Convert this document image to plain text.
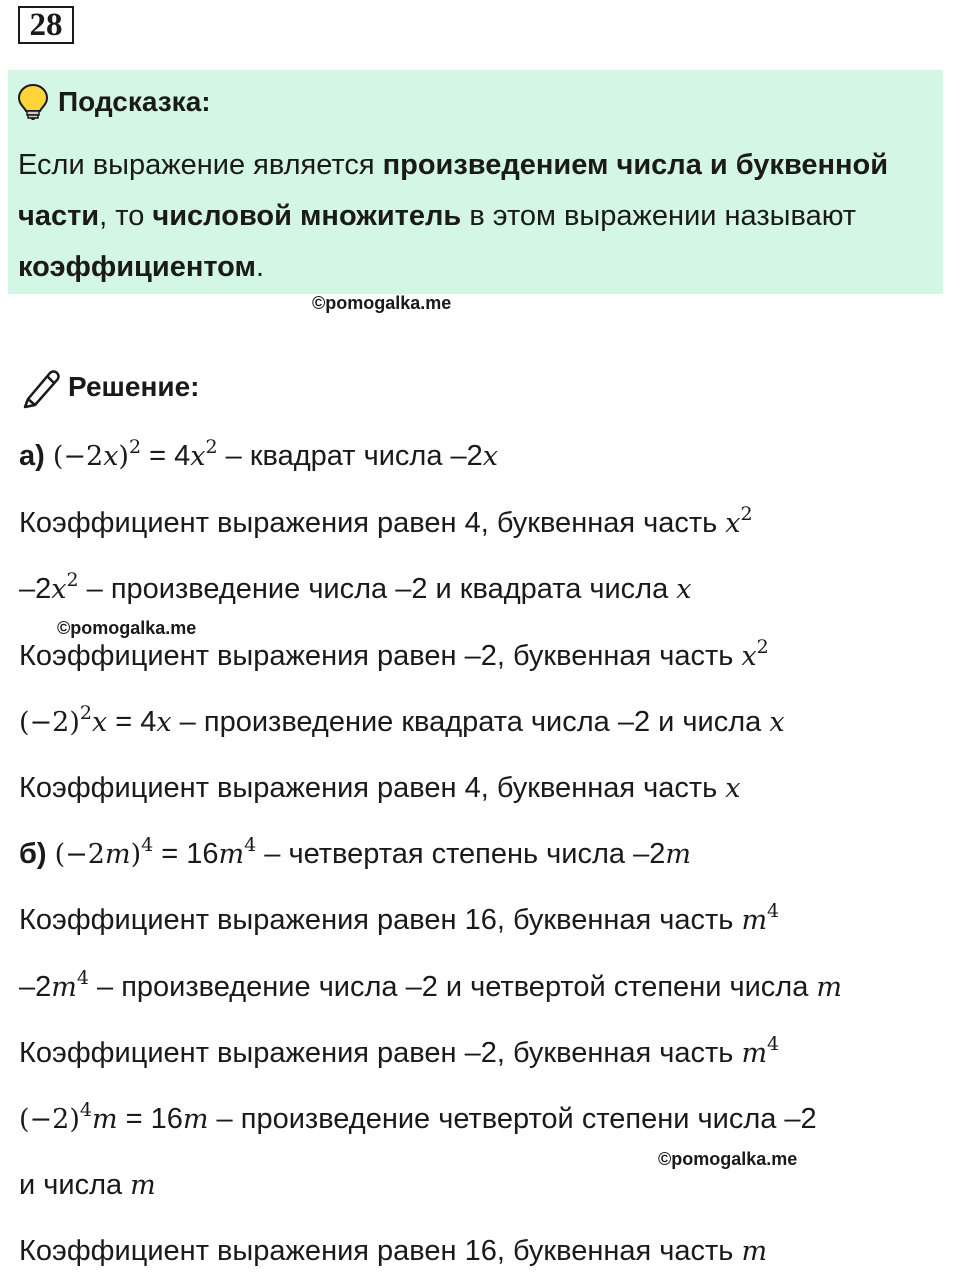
28
Подсказка:
Если выражение является произведением числа и буквенной части, то числовой множитель в этом выражении называют коэффициентом.
©pomogalka.me
Решение:
а) (−2𝑥)$^2$ = $4x^2$ – квадрат числа –2x
Коэффициент выражения равен 4, буквенная часть $x^2$
$-2x^2$ – произведение числа –2 и квадрата числа x
©pomogalka.me
Коэффициент выражения равен –2, буквенная часть $x^2$
$(-2)^2x = 4x$ – произведение квадрата числа –2 и числа x
Коэффициент выражения равен 4, буквенная часть x
б) (−2𝑚)$^4$ = $16m^4$ – четвертая степень числа –2m
Коэффициент выражения равен 16, буквенная часть $m^4$
$-2m^4$ – произведение числа –2 и четвертой степени числа m
Коэффициент выражения равен –2, буквенная часть $m^4$
$(-2)^4m = 16m$ – произведение четвертой степени числа –2
©pomogalka.me
и числа m
Коэффициент выражения равен 16, буквенная часть m
